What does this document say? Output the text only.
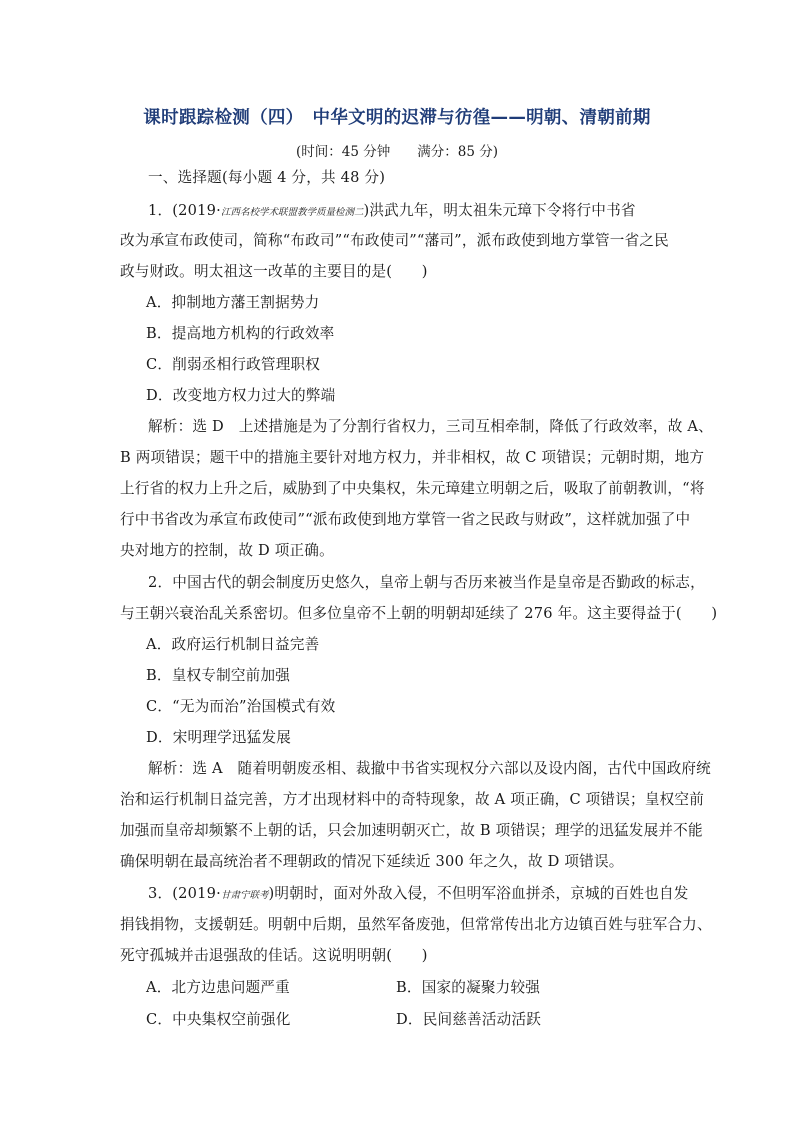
课时跟踪检测（四）　中华文明的迟滞与彷徨——明朝、清朝前期
(时间：45 分钟　　满分：85 分)
一、选择题(每小题 4 分，共 48 分)
1．(2019·江西名校学术联盟教学质量检测二)洪武九年，明太祖朱元璋下令将行中书省
改为承宣布政使司，简称“布政司”“布政使司”“藩司”，派布政使到地方掌管一省之民
政与财政。明太祖这一改革的主要目的是(　　)
A．抑制地方藩王割据势力
B．提高地方机构的行政效率
C．削弱丞相行政管理职权
D．改变地方权力过大的弊端
解析：选 D　上述措施是为了分割行省权力，三司互相牵制，降低了行政效率，故 A、
B 两项错误；题干中的措施主要针对地方权力，并非相权，故 C 项错误；元朝时期，地方
上行省的权力上升之后，威胁到了中央集权，朱元璋建立明朝之后，吸取了前朝教训，“将
行中书省改为承宣布政使司”“派布政使到地方掌管一省之民政与财政”，这样就加强了中
央对地方的控制，故 D 项正确。
2．中国古代的朝会制度历史悠久，皇帝上朝与否历来被当作是皇帝是否勤政的标志，
与王朝兴衰治乱关系密切。但多位皇帝不上朝的明朝却延续了 276 年。这主要得益于(　　)
A．政府运行机制日益完善
B．皇权专制空前加强
C．“无为而治”治国模式有效
D．宋明理学迅猛发展
解析：选 A　随着明朝废丞相、裁撤中书省实现权分六部以及设内阁，古代中国政府统
治和运行机制日益完善，方才出现材料中的奇特现象，故 A 项正确，C 项错误；皇权空前
加强而皇帝却频繁不上朝的话，只会加速明朝灭亡，故 B 项错误；理学的迅猛发展并不能
确保明朝在最高统治者不理朝政的情况下延续近 300 年之久，故 D 项错误。
3．(2019·甘肃宁联考)明朝时，面对外敌入侵，不但明军浴血拼杀，京城的百姓也自发
捐钱捐物，支援朝廷。明朝中后期，虽然军备废弛，但常常传出北方边镇百姓与驻军合力、
死守孤城并击退强敌的佳话。这说明明朝(　　)
A．北方边患问题严重	B．国家的凝聚力较强
C．中央集权空前强化	D．民间慈善活动活跃
